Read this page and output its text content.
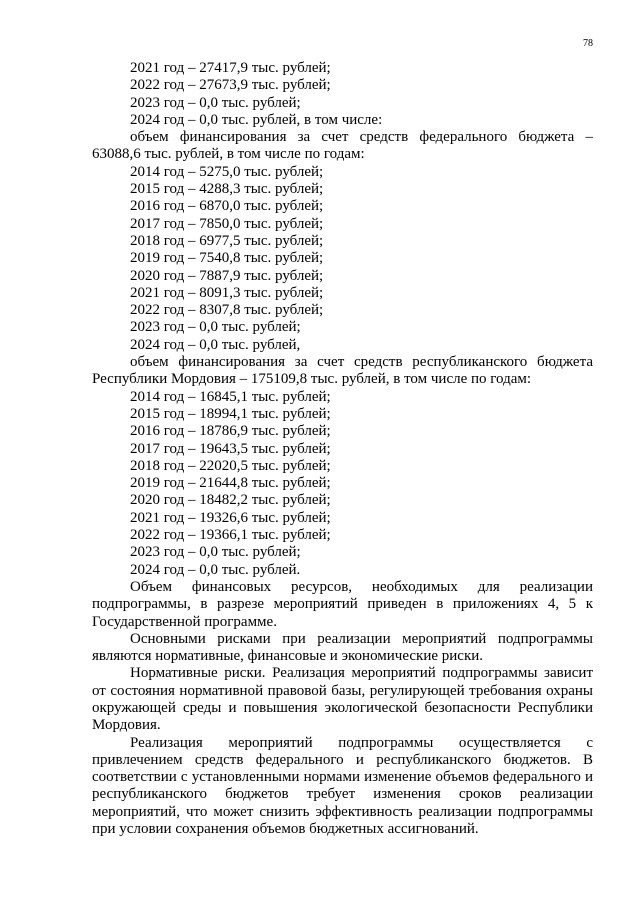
78
2021 год – 27417,9 тыс. рублей;
2022 год – 27673,9 тыс. рублей;
2023 год – 0,0 тыс. рублей;
2024 год – 0,0 тыс. рублей, в том числе:

объем финансирования за счет средств федерального бюджета – 63088,6 тыс. рублей, в том числе по годам:

2014 год – 5275,0 тыс. рублей;
2015 год – 4288,3 тыс. рублей;
2016 год – 6870,0 тыс. рублей;
2017 год – 7850,0 тыс. рублей;
2018 год – 6977,5 тыс. рублей;
2019 год – 7540,8 тыс. рублей;
2020 год – 7887,9 тыс. рублей;
2021 год – 8091,3 тыс. рублей;
2022 год – 8307,8 тыс. рублей;
2023 год – 0,0 тыс. рублей;
2024 год – 0,0 тыс. рублей,

объем финансирования за счет средств республиканского бюджета Республики Мордовия – 175109,8 тыс. рублей, в том числе по годам:

2014 год – 16845,1 тыс. рублей;
2015 год – 18994,1 тыс. рублей;
2016 год – 18786,9 тыс. рублей;
2017 год – 19643,5 тыс. рублей;
2018 год – 22020,5 тыс. рублей;
2019 год – 21644,8 тыс. рублей;
2020 год – 18482,2 тыс. рублей;
2021 год – 19326,6 тыс. рублей;
2022 год – 19366,1 тыс. рублей;
2023 год – 0,0 тыс. рублей;
2024 год – 0,0 тыс. рублей.

Объем финансовых ресурсов, необходимых для реализации подпрограммы, в разрезе мероприятий приведен в приложениях 4, 5 к Государственной программе.

Основными рисками при реализации мероприятий подпрограммы являются нормативные, финансовые и экономические риски.

Нормативные риски. Реализация мероприятий подпрограммы зависит от состояния нормативной правовой базы, регулирующей требования охраны окружающей среды и повышения экологической безопасности Республики Мордовия.

Реализация мероприятий подпрограммы осуществляется с привлечением средств федерального и республиканского бюджетов. В соответствии с установленными нормами изменение объемов федерального и республиканского бюджетов требует изменения сроков реализации мероприятий, что может снизить эффективность реализации подпрограммы при условии сохранения объемов бюджетных ассигнований.
